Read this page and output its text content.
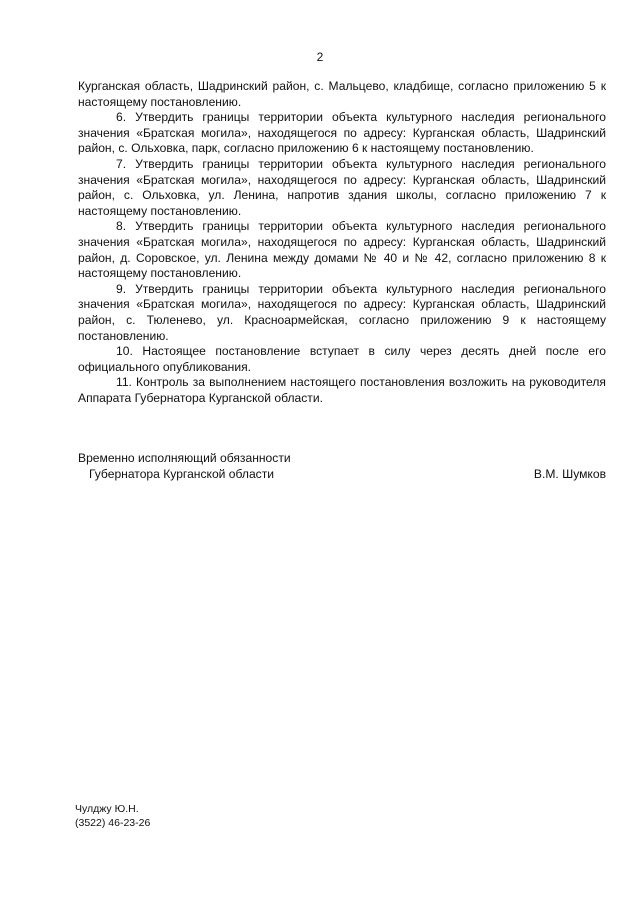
2

Курганская область, Шадринский район, с. Мальцево, кладбище, согласно приложению 5 к настоящему постановлению.

6. Утвердить границы территории объекта культурного наследия регионального значения «Братская могила», находящегося по адресу: Курганская область, Шадринский район, с. Ольховка, парк, согласно приложению 6 к настоящему постановлению.

7. Утвердить границы территории объекта культурного наследия регионального значения «Братская могила», находящегося по адресу: Курганская область, Шадринский район, с. Ольховка, ул. Ленина, напротив здания школы, согласно приложению 7 к настоящему постановлению.

8. Утвердить границы территории объекта культурного наследия регионального значения «Братская могила», находящегося по адресу: Курганская область, Шадринский район, д. Соровское, ул. Ленина между домами № 40 и № 42, согласно приложению 8 к настоящему постановлению.

9. Утвердить границы территории объекта культурного наследия регионального значения «Братская могила», находящегося по адресу: Курганская область, Шадринский район, с. Тюленево, ул. Красноармейская, согласно приложению 9 к настоящему постановлению.

10. Настоящее постановление вступает в силу через десять дней после его официального опубликования.

11. Контроль за выполнением настоящего постановления возложить на руководителя Аппарата Губернатора Курганской области.

Временно исполняющий обязанности
Губернатора Курганской области	В.М. Шумков
Чулджу Ю.Н.
(3522) 46-23-26
